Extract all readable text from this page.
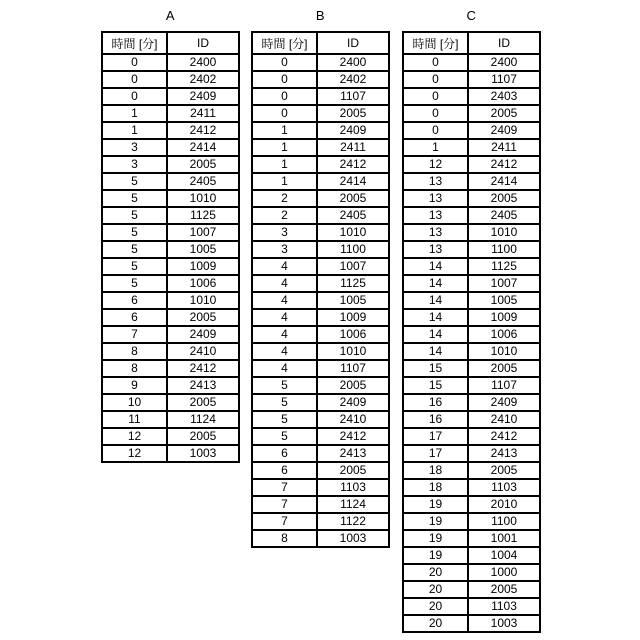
A
時間 [分]	ID
0	2400
0	2402
0	2409
1	2411
1	2412
3	2414
3	2005
5	2405
5	1010
5	1125
5	1007
5	1005
5	1009
5	1006
6	1010
6	2005
7	2409
8	2410
8	2412
9	2413
10	2005
11	1124
12	2005
12	1003
B
時間 [分]	ID
0	2400
0	2402
0	1107
0	2005
1	2409
1	2411
1	2412
1	2414
2	2005
2	2405
3	1010
3	1100
4	1007
4	1125
4	1005
4	1009
4	1006
4	1010
4	1107
5	2005
5	2409
5	2410
5	2412
6	2413
6	2005
7	1103
7	1124
7	1122
8	1003
C
時間 [分]	ID
0	2400
0	1107
0	2403
0	2005
0	2409
1	2411
12	2412
13	2414
13	2005
13	2405
13	1010
13	1100
14	1125
14	1007
14	1005
14	1009
14	1006
14	1010
15	2005
15	1107
16	2409
16	2410
17	2412
17	2413
18	2005
18	1103
19	2010
19	1100
19	1001
19	1004
20	1000
20	2005
20	1103
20	1003
